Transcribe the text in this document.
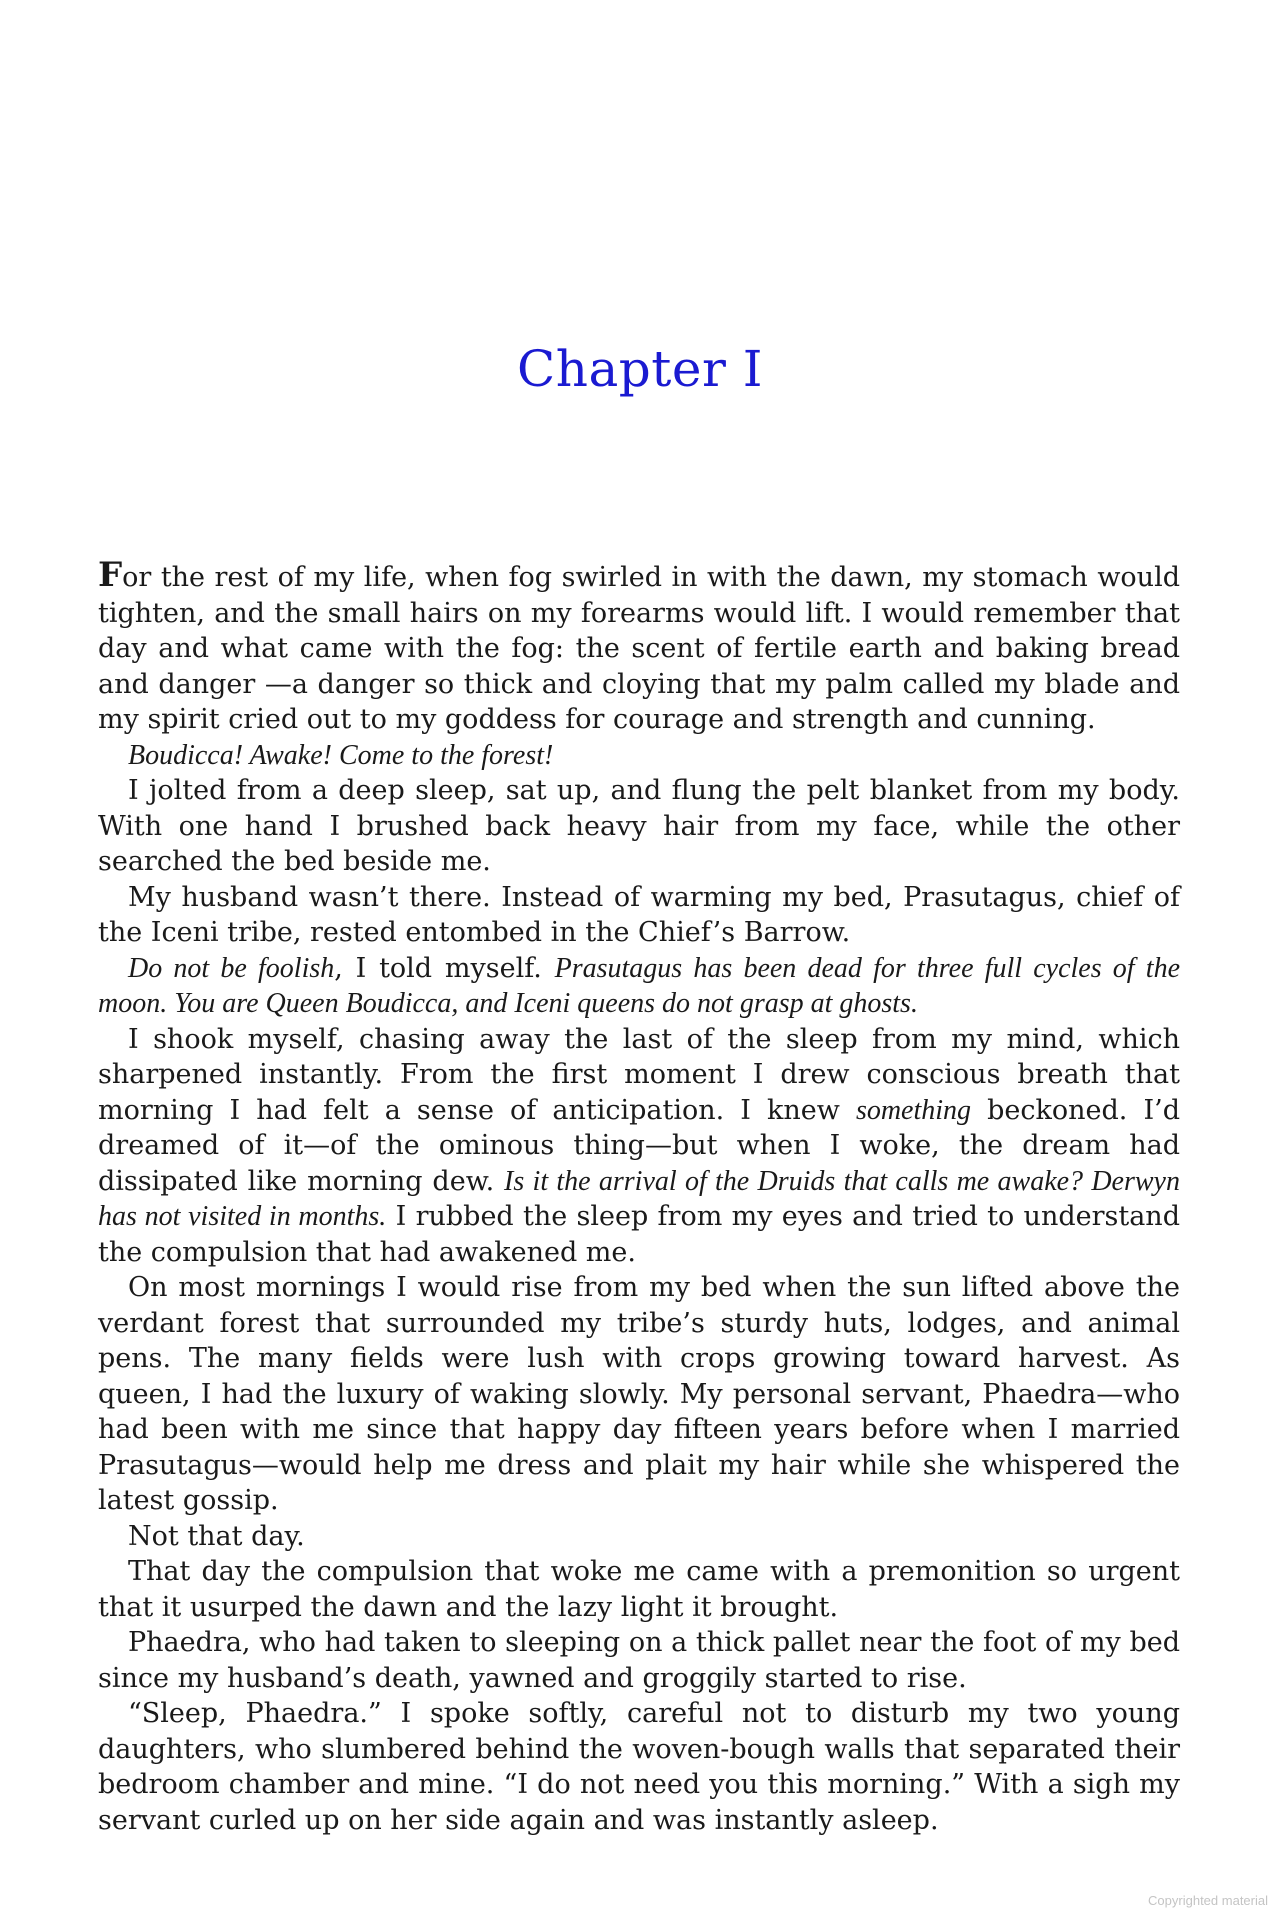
Chapter I

For the rest of my life, when fog swirled in with the dawn, my stomach would tighten, and the small hairs on my forearms would lift. I would remember that day and what came with the fog: the scent of fertile earth and baking bread and danger —a danger so thick and cloying that my palm called my blade and my spirit cried out to my goddess for courage and strength and cunning.

Boudicca! Awake! Come to the forest!

I jolted from a deep sleep, sat up, and flung the pelt blanket from my body. With one hand I brushed back heavy hair from my face, while the other searched the bed beside me.

My husband wasn’t there. Instead of warming my bed, Prasutagus, chief of the Iceni tribe, rested entombed in the Chief’s Barrow.

Do not be foolish, I told myself. Prasutagus has been dead for three full cycles of the moon. You are Queen Boudicca, and Iceni queens do not grasp at ghosts.

I shook myself, chasing away the last of the sleep from my mind, which sharpened instantly. From the first moment I drew conscious breath that morning I had felt a sense of anticipation. I knew something beckoned. I’d dreamed of it—of the ominous thing—but when I woke, the dream had dissipated like morning dew. Is it the arrival of the Druids that calls me awake? Derwyn has not visited in months. I rubbed the sleep from my eyes and tried to understand the compulsion that had awakened me.

On most mornings I would rise from my bed when the sun lifted above the verdant forest that surrounded my tribe’s sturdy huts, lodges, and animal pens. The many fields were lush with crops growing toward harvest. As queen, I had the luxury of waking slowly. My personal servant, Phaedra—who had been with me since that happy day fifteen years before when I married Prasutagus—would help me dress and plait my hair while she whispered the latest gossip.

Not that day.

That day the compulsion that woke me came with a premonition so urgent that it usurped the dawn and the lazy light it brought.

Phaedra, who had taken to sleeping on a thick pallet near the foot of my bed since my husband’s death, yawned and groggily started to rise.

“Sleep, Phaedra.” I spoke softly, careful not to disturb my two young daughters, who slumbered behind the woven-bough walls that separated their bedroom chamber and mine. “I do not need you this morning.” With a sigh my servant curled up on her side again and was instantly asleep.

Copyrighted material
